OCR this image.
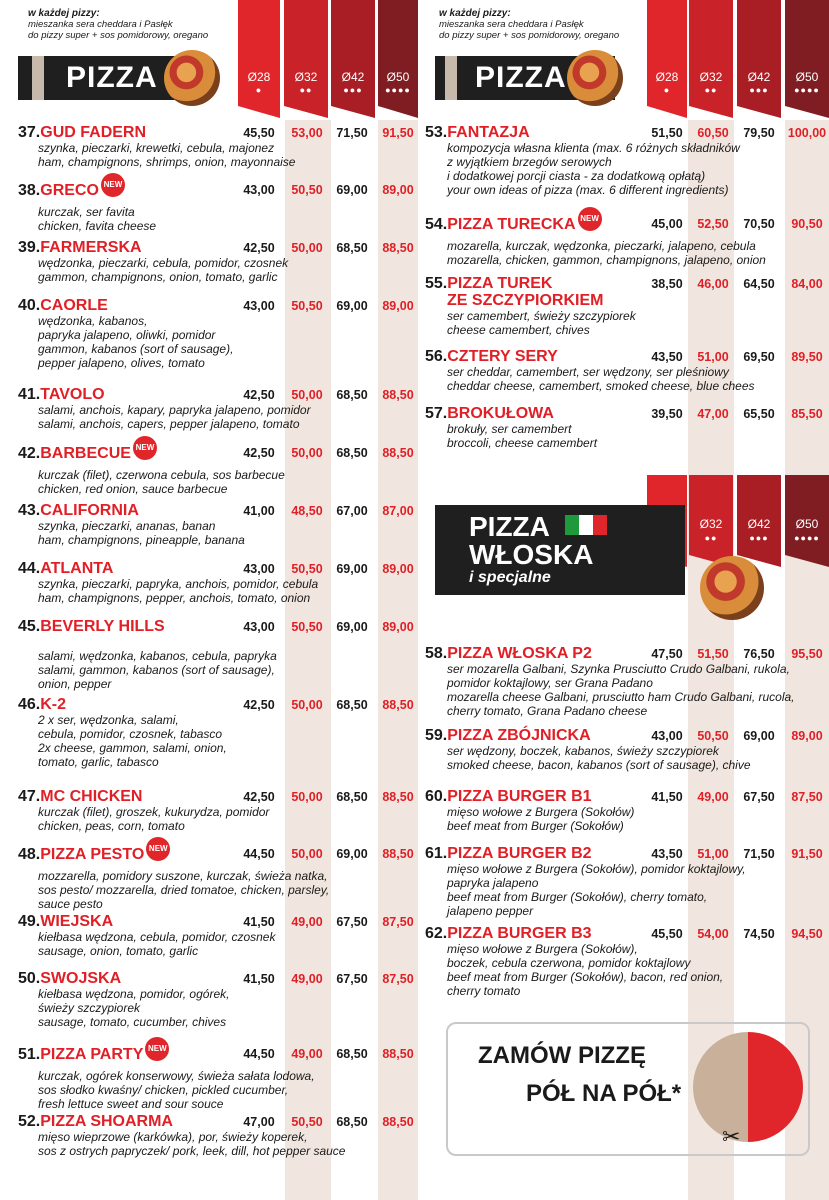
w każdej pizzy:
mieszanka sera cheddara i Pasłęk
do pizzy super + sos pomidorowy, oregano
Ø28
●
Ø32
●●
Ø42
●●●
Ø50
●●●●
PIZZA
37.GUD FADERN
szynka, pieczarki, krewetki, cebula, majonez
ham, champignons, shrimps, onion, mayonnaise
45,50	53,00	71,50	91,50
38.GRECO NEW
kurczak, ser favita
chicken, favita cheese
43,00	50,50	69,00	89,00
39.FARMERSKA
wędzonka, pieczarki, cebula, pomidor, czosnek
gammon, champignons, onion, tomato, garlic
42,50	50,00	68,50	88,50
40.CAORLE
wędzonka, kabanos,
papryka jalapeno, oliwki, pomidor
gammon, kabanos (sort of sausage),
pepper jalapeno, olives, tomato
43,00	50,50	69,00	89,00
41.TAVOLO
salami, anchois, kapary, papryka jalapeno, pomidor
salami, anchois, capers, pepper jalapeno, tomato
42,50	50,00	68,50	88,50
42.BARBECUE NEW
kurczak (filet), czerwona cebula, sos barbecue
chicken, red onion, sauce barbecue
42,50	50,00	68,50	88,50
43.CALIFORNIA
szynka, pieczarki, ananas, banan
ham, champignons, pineapple, banana
41,00	48,50	67,00	87,00
44.ATLANTA
szynka, pieczarki, papryka, anchois, pomidor, cebula
ham, champignons, pepper, anchois, tomato, onion
43,00	50,50	69,00	89,00
45.BEVERLY HILLS
salami, wędzonka, kabanos, cebula, papryka
salami, gammon, kabanos (sort of sausage),
onion, pepper
43,00	50,50	69,00	89,00
46.K-2
2 x ser, wędzonka, salami,
cebula, pomidor, czosnek, tabasco
2x cheese, gammon, salami, onion,
tomato, garlic, tabasco
42,50	50,00	68,50	88,50
47.MC CHICKEN
kurczak (filet), groszek, kukurydza, pomidor
chicken, peas, corn, tomato
42,50	50,00	68,50	88,50
48.PIZZA PESTO NEW
mozzarella, pomidory suszone, kurczak, świeża natka,
sos pesto/ mozzarella, dried tomatoe, chicken, parsley,
sauce pesto
44,50	50,00	69,00	88,50
49.WIEJSKA
kiełbasa wędzona, cebula, pomidor, czosnek
sausage, onion, tomato, garlic
41,50	49,00	67,50	87,50
50.SWOJSKA
kiełbasa wędzona, pomidor, ogórek,
świeży szczypiorek
sausage, tomato, cucumber, chives
41,50	49,00	67,50	87,50
51.PIZZA PARTY NEW
kurczak, ogórek konserwowy, świeża sałata lodowa,
sos słodko kwaśny/ chicken, pickled cucumber,
fresh lettuce sweet and sour souce
44,50	49,00	68,50	88,50
52.PIZZA SHOARMA
mięso wieprzowe (karkówka), por, świeży koperek,
sos z ostrych papryczek/ pork, leek, dill, hot pepper sauce
47,00	50,50	68,50	88,50
w każdej pizzy:
mieszanka sera cheddara i Pasłęk
do pizzy super + sos pomidorowy, oregano
Ø28
●
Ø32
●●
Ø42
●●●
Ø50
●●●●
PIZZA
Ø32
●●
Ø42
●●●
Ø50
●●●●
53.FANTAZJA
kompozycja własna klienta (max. 6 różnych składników
z wyjątkiem brzegów serowych
i dodatkowej porcji ciasta - za dodatkową opłatą)
your own ideas of pizza (max. 6 different ingredients)
51,50	60,50	79,50	100,00
54.PIZZA TURECKA NEW
mozarella, kurczak, wędzonka, pieczarki, jalapeno, cebula
mozarella, chicken, gammon, champignons, jalapeno, onion
45,00	52,50	70,50	90,50
55.PIZZA TUREK
ZE SZCZYPIORKIEM
ser camembert, świeży szczypiorek
cheese camembert, chives
38,50	46,00	64,50	84,00
56.CZTERY SERY
ser cheddar, camembert, ser wędzony, ser pleśniowy
cheddar cheese, camembert, smoked cheese, blue chees
43,50	51,00	69,50	89,50
57.BROKUŁOWA
brokuły, ser camembert
broccoli, cheese camembert
39,50	47,00	65,50	85,50
58.PIZZA WŁOSKA P2
ser mozarella Galbani, Szynka Prusciutto Crudo Galbani, rukola,
pomidor koktajlowy, ser Grana Padano
mozarella cheese Galbani, prusciutto ham Crudo Galbani, rucola,
cherry tomato, Grana Padano cheese
47,50	51,50	76,50	95,50
59.PIZZA ZBÓJNICKA
ser wędzony, boczek, kabanos, świeży szczypiorek
smoked cheese, bacon, kabanos (sort of sausage), chive
43,00	50,50	69,00	89,00
60.PIZZA BURGER B1
mięso wołowe z Burgera (Sokołów)
beef meat from Burger (Sokołów)
41,50	49,00	67,50	87,50
61.PIZZA BURGER B2
mięso wołowe z Burgera (Sokołów), pomidor koktajlowy,
papryka jalapeno
beef meat from Burger (Sokołów), cherry tomato,
jalapeno pepper
43,50	51,00	71,50	91,50
62.PIZZA BURGER B3
mięso wołowe z Burgera (Sokołów),
boczek, cebula czerwona, pomidor koktajlowy
beef meat from Burger (Sokołów), bacon, red onion,
cherry tomato
45,50	54,00	74,50	94,50
PIZZA
WŁOSKA
i specjalne
ZAMÓW PIZZĘ
PÓŁ NA PÓŁ*
✂
